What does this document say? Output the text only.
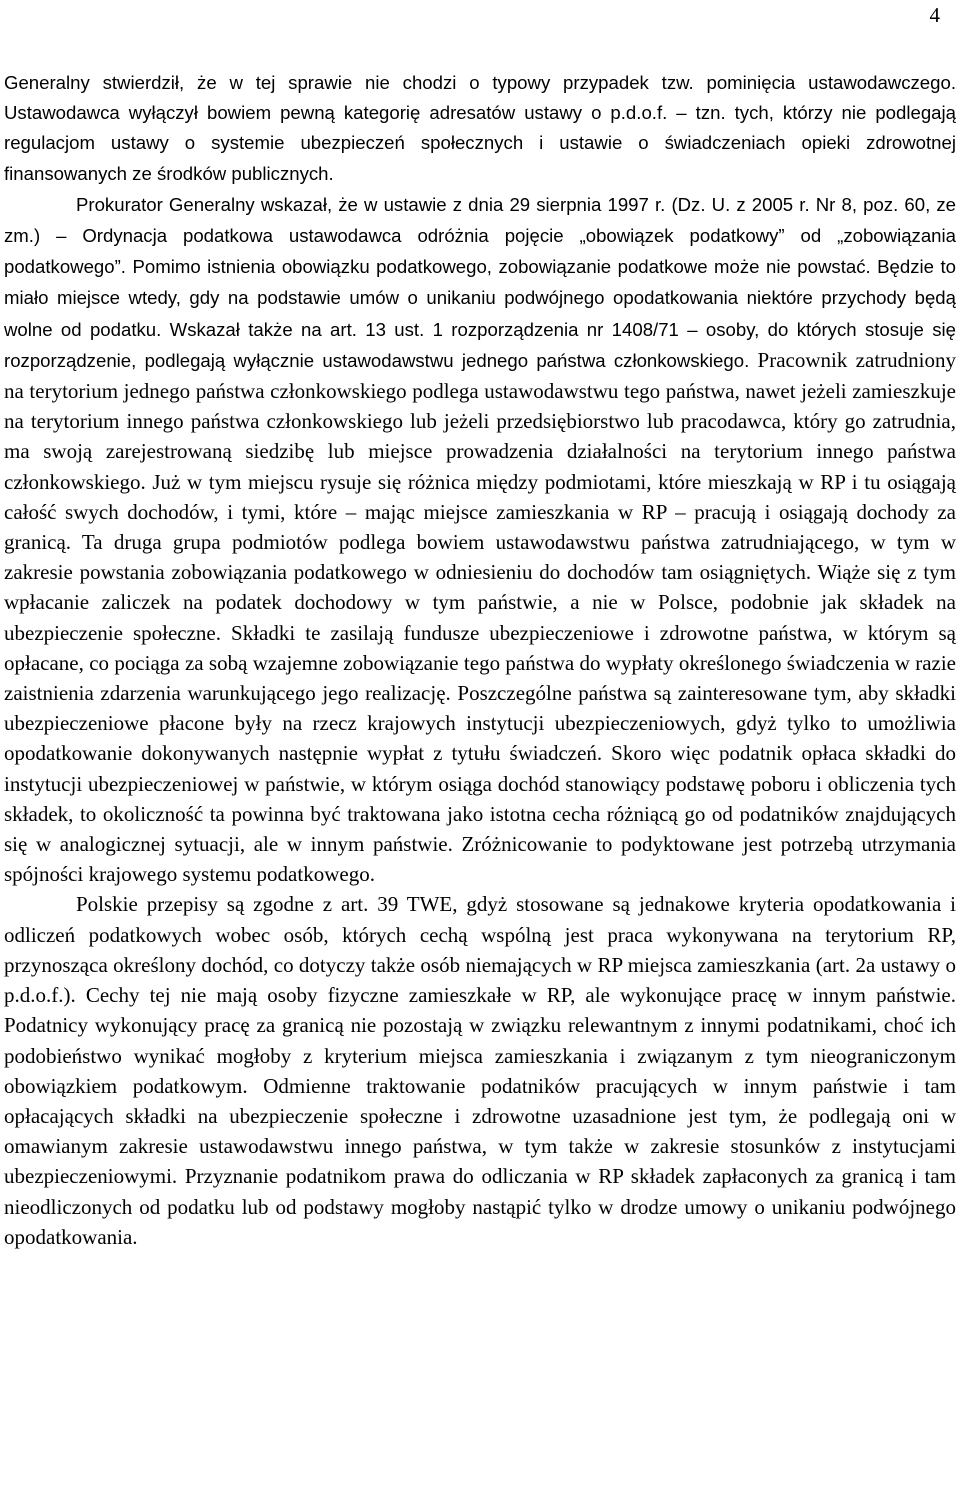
4

Generalny stwierdził, że w tej sprawie nie chodzi o typowy przypadek tzw. pominięcia ustawodawczego. Ustawodawca wyłączył bowiem pewną kategorię adresatów ustawy o p.d.o.f. – tzn. tych, którzy nie podlegają regulacjom ustawy o systemie ubezpieczeń społecznych i ustawie o świadczeniach opieki zdrowotnej finansowanych ze środków publicznych.

Prokurator Generalny wskazał, że w ustawie z dnia 29 sierpnia 1997 r. (Dz. U. z 2005 r. Nr 8, poz. 60, ze zm.) – Ordynacja podatkowa ustawodawca odróżnia pojęcie „obowiązek podatkowy” od „zobowiązania podatkowego”. Pomimo istnienia obowiązku podatkowego, zobowiązanie podatkowe może nie powstać. Będzie to miało miejsce wtedy, gdy na podstawie umów o unikaniu podwójnego opodatkowania niektóre przychody będą wolne od podatku. Wskazał także na art. 13 ust. 1 rozporządzenia nr 1408/71 – osoby, do których stosuje się rozporządzenie, podlegają wyłącznie ustawodawstwu jednego państwa członkowskiego. Pracownik zatrudniony na terytorium jednego państwa członkowskiego podlega ustawodawstwu tego państwa, nawet jeżeli zamieszkuje na terytorium innego państwa członkowskiego lub jeżeli przedsiębiorstwo lub pracodawca, który go zatrudnia, ma swoją zarejestrowaną siedzibę lub miejsce prowadzenia działalności na terytorium innego państwa członkowskiego. Już w tym miejscu rysuje się różnica między podmiotami, które mieszkają w RP i tu osiągają całość swych dochodów, i tymi, które – mając miejsce zamieszkania w RP – pracują i osiągają dochody za granicą. Ta druga grupa podmiotów podlega bowiem ustawodawstwu państwa zatrudniającego, w tym w zakresie powstania zobowiązania podatkowego w odniesieniu do dochodów tam osiągniętych. Wiąże się z tym wpłacanie zaliczek na podatek dochodowy w tym państwie, a nie w Polsce, podobnie jak składek na ubezpieczenie społeczne. Składki te zasilają fundusze ubezpieczeniowe i zdrowotne państwa, w którym są opłacane, co pociąga za sobą wzajemne zobowiązanie tego państwa do wypłaty określonego świadczenia w razie zaistnienia zdarzenia warunkującego jego realizację. Poszczególne państwa są zainteresowane tym, aby składki ubezpieczeniowe płacone były na rzecz krajowych instytucji ubezpieczeniowych, gdyż tylko to umożliwia opodatkowanie dokonywanych następnie wypłat z tytułu świadczeń. Skoro więc podatnik opłaca składki do instytucji ubezpieczeniowej w państwie, w którym osiąga dochód stanowiący podstawę poboru i obliczenia tych składek, to okoliczność ta powinna być traktowana jako istotna cecha różniącą go od podatników znajdujących się w analogicznej sytuacji, ale w innym państwie. Zróżnicowanie to podyktowane jest potrzebą utrzymania spójności krajowego systemu podatkowego.

Polskie przepisy są zgodne z art. 39 TWE, gdyż stosowane są jednakowe kryteria opodatkowania i odliczeń podatkowych wobec osób, których cechą wspólną jest praca wykonywana na terytorium RP, przynosząca określony dochód, co dotyczy także osób niemających w RP miejsca zamieszkania (art. 2a ustawy o p.d.o.f.). Cechy tej nie mają osoby fizyczne zamieszkałe w RP, ale wykonujące pracę w innym państwie. Podatnicy wykonujący pracę za granicą nie pozostają w związku relewantnym z innymi podatnikami, choć ich podobieństwo wynikać mogłoby z kryterium miejsca zamieszkania i związanym z tym nieograniczonym obowiązkiem podatkowym. Odmienne traktowanie podatników pracujących w innym państwie i tam opłacających składki na ubezpieczenie społeczne i zdrowotne uzasadnione jest tym, że podlegają oni w omawianym zakresie ustawodawstwu innego państwa, w tym także w zakresie stosunków z instytucjami ubezpieczeniowymi. Przyznanie podatnikom prawa do odliczania w RP składek zapłaconych za granicą i tam nieodliczonych od podatku lub od podstawy mogłoby nastąpić tylko w drodze umowy o unikaniu podwójnego opodatkowania.
